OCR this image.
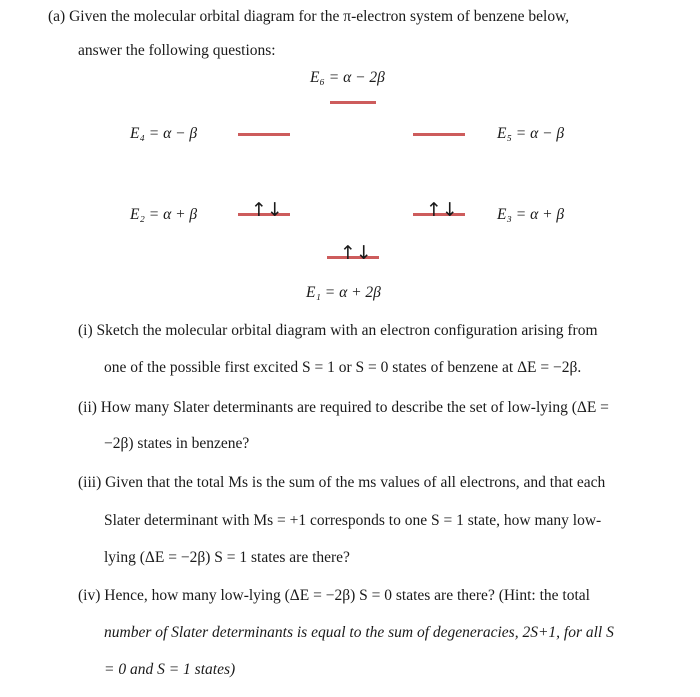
(a) Given the molecular orbital diagram for the π-electron system of benzene below,
answer the following questions:
E₆ = α − 2β
E₄ = α − β	E₅ = α − β
E₂ = α + β	↑↓	↑↓	E₃ = α + β
↑↓
E₁ = α + 2β
(i) Sketch the molecular orbital diagram with an electron configuration arising from
one of the possible first excited S = 1 or S = 0 states of benzene at ΔE = −2β.
(ii) How many Slater determinants are required to describe the set of low-lying (ΔE =
−2β) states in benzene?
(iii) Given that the total Ms is the sum of the ms values of all electrons, and that each
Slater determinant with Ms = +1 corresponds to one S = 1 state, how many low-
lying (ΔE = −2β) S = 1 states are there?
(iv) Hence, how many low-lying (ΔE = −2β) S = 0 states are there? (Hint: the total
number of Slater determinants is equal to the sum of degeneracies, 2S+1, for all S
= 0 and S = 1 states)
